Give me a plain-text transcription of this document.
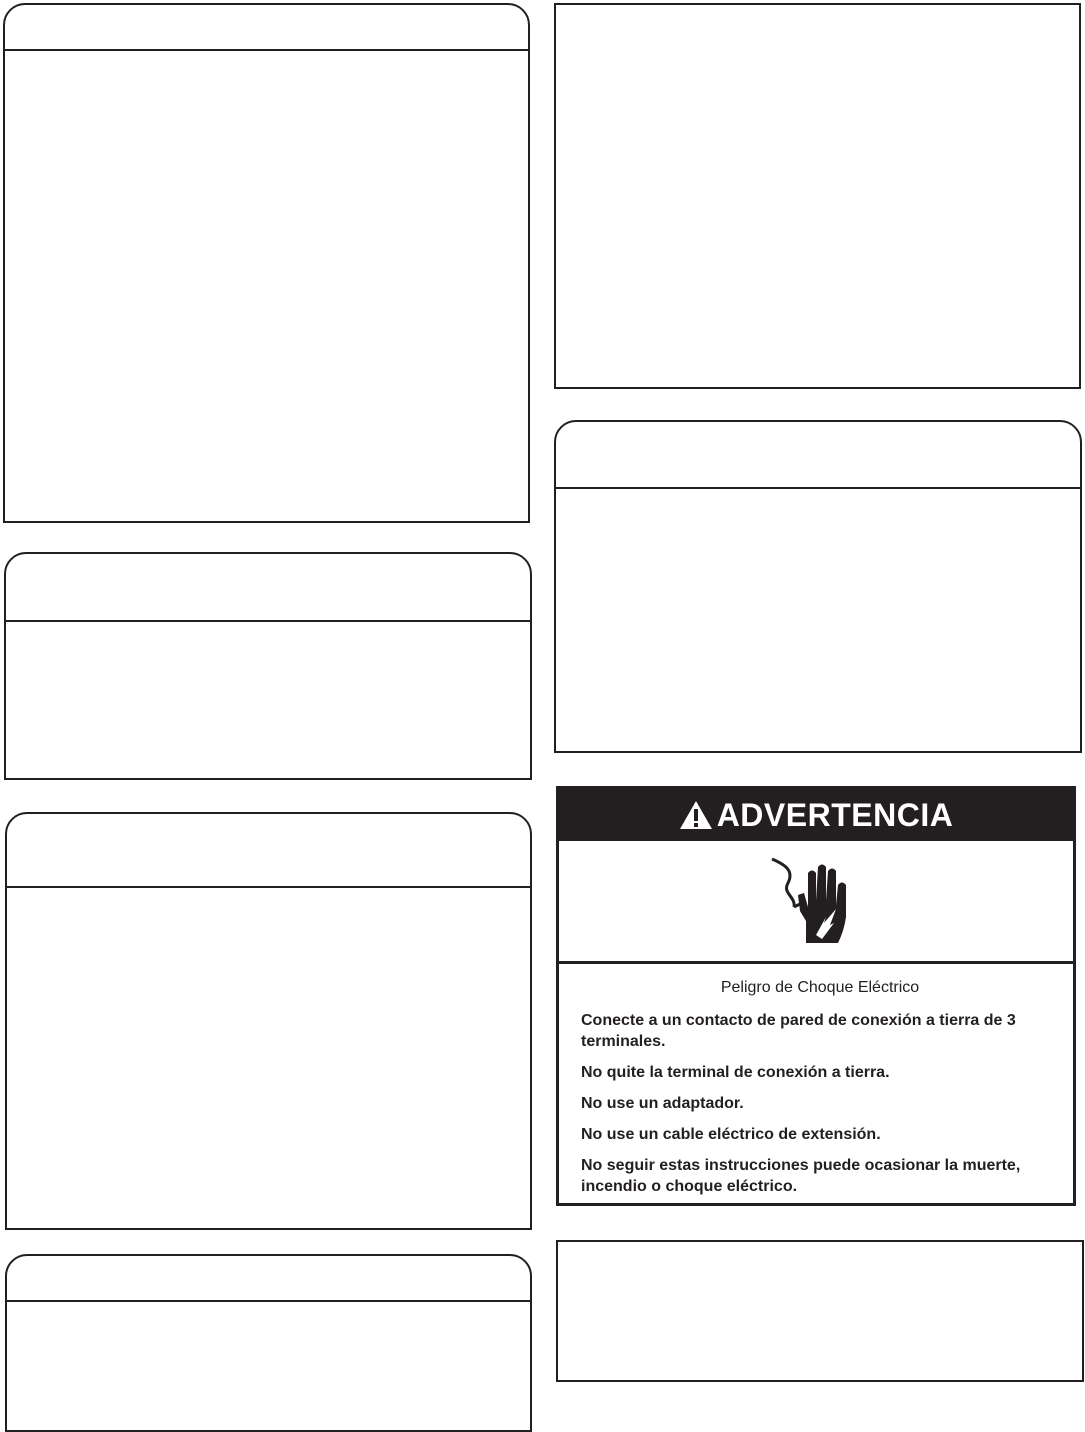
ADVERTENCIA
Peligro de Choque Eléctrico

Conecte a un contacto de pared de conexión a tierra de 3 terminales.

No quite la terminal de conexión a tierra.

No use un adaptador.

No use un cable eléctrico de extensión.

No seguir estas instrucciones puede ocasionar la muerte, incendio o choque eléctrico.
